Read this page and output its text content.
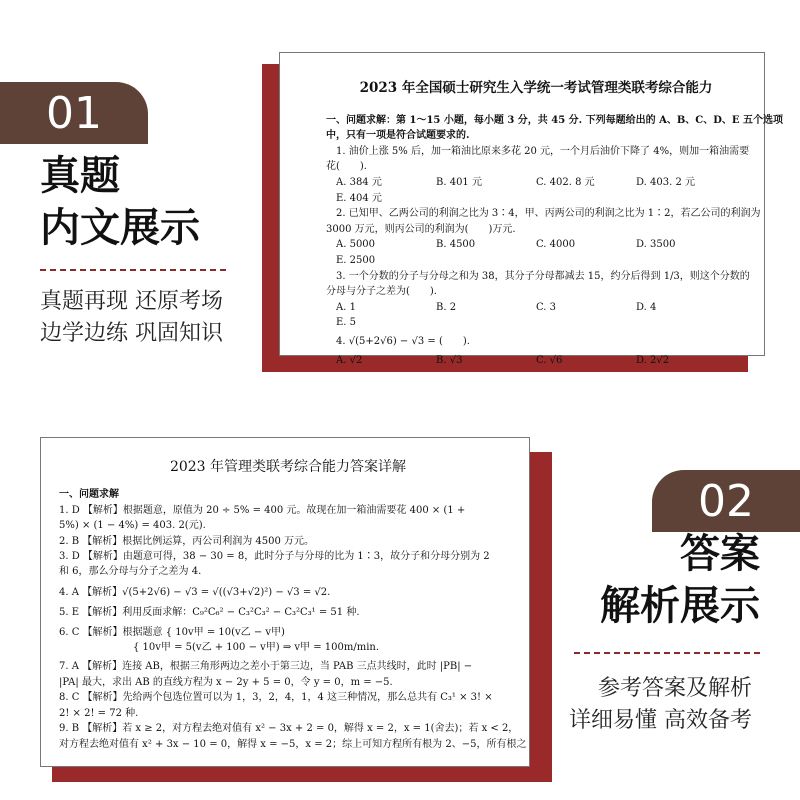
01
真题
内文展示
真题再现 还原考场
边学边练 巩固知识
2023 年全国硕士研究生入学统一考试管理类联考综合能力
一、问题求解：第 1～15 小题，每小题 3 分，共 45 分. 下列每题给出的 A、B、C、D、E 五个选项
中，只有一项是符合试题要求的.
1. 油价上涨 5% 后，加一箱油比原来多花 20 元，一个月后油价下降了 4%，则加一箱油需要
花(　　).
A. 384 元	B. 401 元	C. 402. 8 元	D. 403. 2 元
E. 404 元
2. 已知甲、乙两公司的利润之比为 3∶4，甲、丙两公司的利润之比为 1∶2，若乙公司的利润为
3000 万元，则丙公司的利润为(　　)万元.
A. 5000	B. 4500	C. 4000	D. 3500
E. 2500
3. 一个分数的分子与分母之和为 38，其分子分母都减去 15，约分后得到 1/3，则这个分数的
分母与分子之差为(　　).
A. 1	B. 2	C. 3	D. 4
E. 5
4. √(5+2√6) − √3 = (　　).
A. √2	B. √3	C. √6	D. 2√2
2023 年管理类联考综合能力答案详解
一、问题求解
1. D 【解析】根据题意，原值为 20 ÷ 5% = 400 元。故现在加一箱油需要花 400 × (1 +
5%) × (1 − 4%) = 403. 2(元).
2. B 【解析】根据比例运算，丙公司利润为 4500 万元。
3. D 【解析】由题意可得，38 − 30 = 8，此时分子与分母的比为 1∶3，故分子和分母分别为 2
和 6，那么分母与分子之差为 4.
4. A 【解析】√(5+2√6) − √3 = √((√3+√2)²) − √3 = √2.
5. E 【解析】利用反面求解：C₉²C₆² − C₃²C₃² − C₃²C₃¹ = 51 种.
6. C 【解析】根据题意 { 10v甲 = 10(v乙 − v甲)
{ 10v甲 = 5(v乙 + 100 − v甲) ⇒ v甲 = 100m/min.
7. A 【解析】连接 AB，根据三角形两边之差小于第三边，当 PAB 三点共线时，此时 |PB| −
|PA| 最大，求出 AB 的直线方程为 x − 2y + 5 = 0，令 y = 0，m = −5.
8. C 【解析】先给两个包选位置可以为 1，3，2，4，1，4 这三种情况，那么总共有 C₃¹ × 3! ×
2! × 2! = 72 种.
9. B 【解析】若 x ≥ 2，对方程去绝对值有 x² − 3x + 2 = 0，解得 x = 2，x = 1(舍去)；若 x < 2，
对方程去绝对值有 x² + 3x − 10 = 0，解得 x = −5，x = 2；综上可知方程所有根为 2、−5，所有根之
02
答案
解析展示
参考答案及解析
详细易懂 高效备考
